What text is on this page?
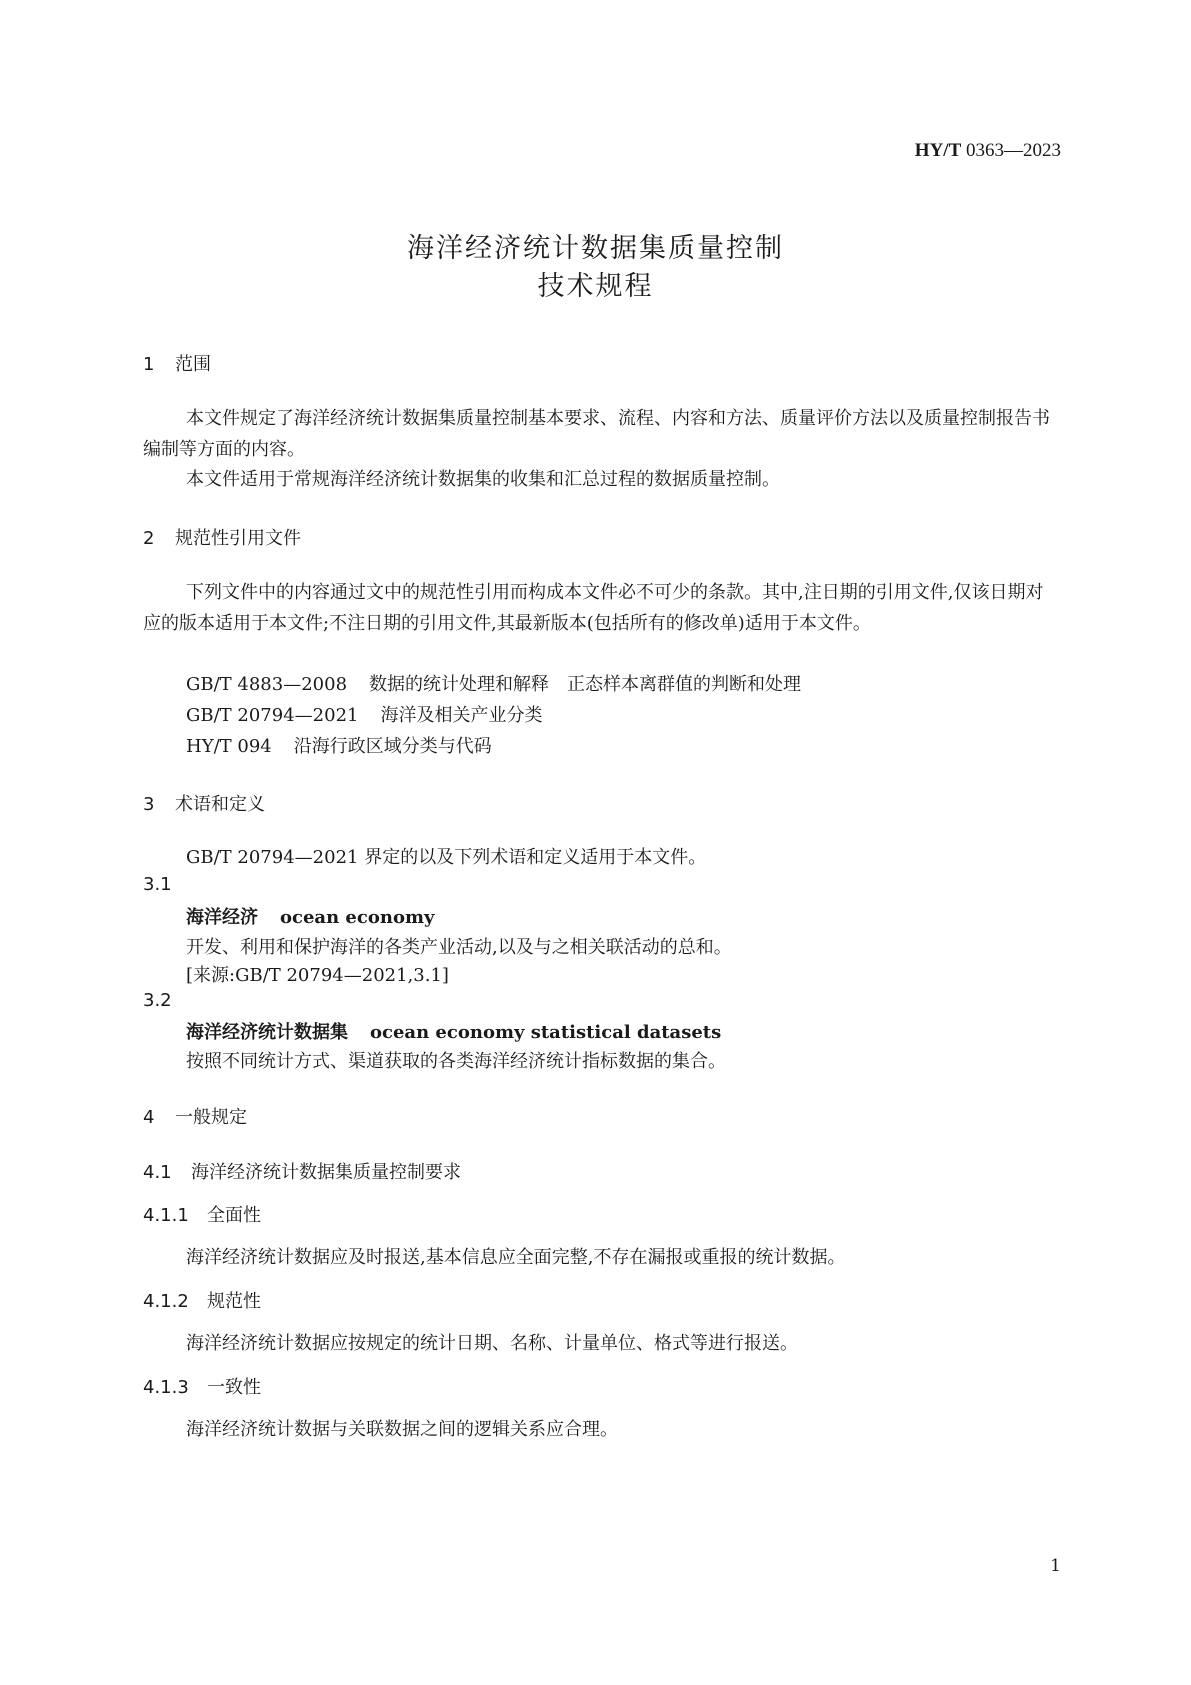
HY/T 0363—2023
海洋经济统计数据集质量控制
技术规程
1 范围
本文件规定了海洋经济统计数据集质量控制基本要求、流程、内容和方法、质量评价方法以及质量控制报告书编制等方面的内容。
本文件适用于常规海洋经济统计数据集的收集和汇总过程的数据质量控制。
2 规范性引用文件
下列文件中的内容通过文中的规范性引用而构成本文件必不可少的条款。其中,注日期的引用文件,仅该日期对应的版本适用于本文件;不注日期的引用文件,其最新版本(包括所有的修改单)适用于本文件。
GB/T 4883—2008 数据的统计处理和解释　正态样本离群值的判断和处理
GB/T 20794—2021 海洋及相关产业分类
HY/T 094 沿海行政区域分类与代码
3 术语和定义
GB/T 20794—2021 界定的以及下列术语和定义适用于本文件。
3.1
海洋经济 ocean economy
开发、利用和保护海洋的各类产业活动,以及与之相关联活动的总和。
[来源:GB/T 20794—2021,3.1]
3.2
海洋经济统计数据集 ocean economy statistical datasets
按照不同统计方式、渠道获取的各类海洋经济统计指标数据的集合。
4 一般规定
4.1 海洋经济统计数据集质量控制要求
4.1.1 全面性
海洋经济统计数据应及时报送,基本信息应全面完整,不存在漏报或重报的统计数据。
4.1.2 规范性
海洋经济统计数据应按规定的统计日期、名称、计量单位、格式等进行报送。
4.1.3 一致性
海洋经济统计数据与关联数据之间的逻辑关系应合理。
1
